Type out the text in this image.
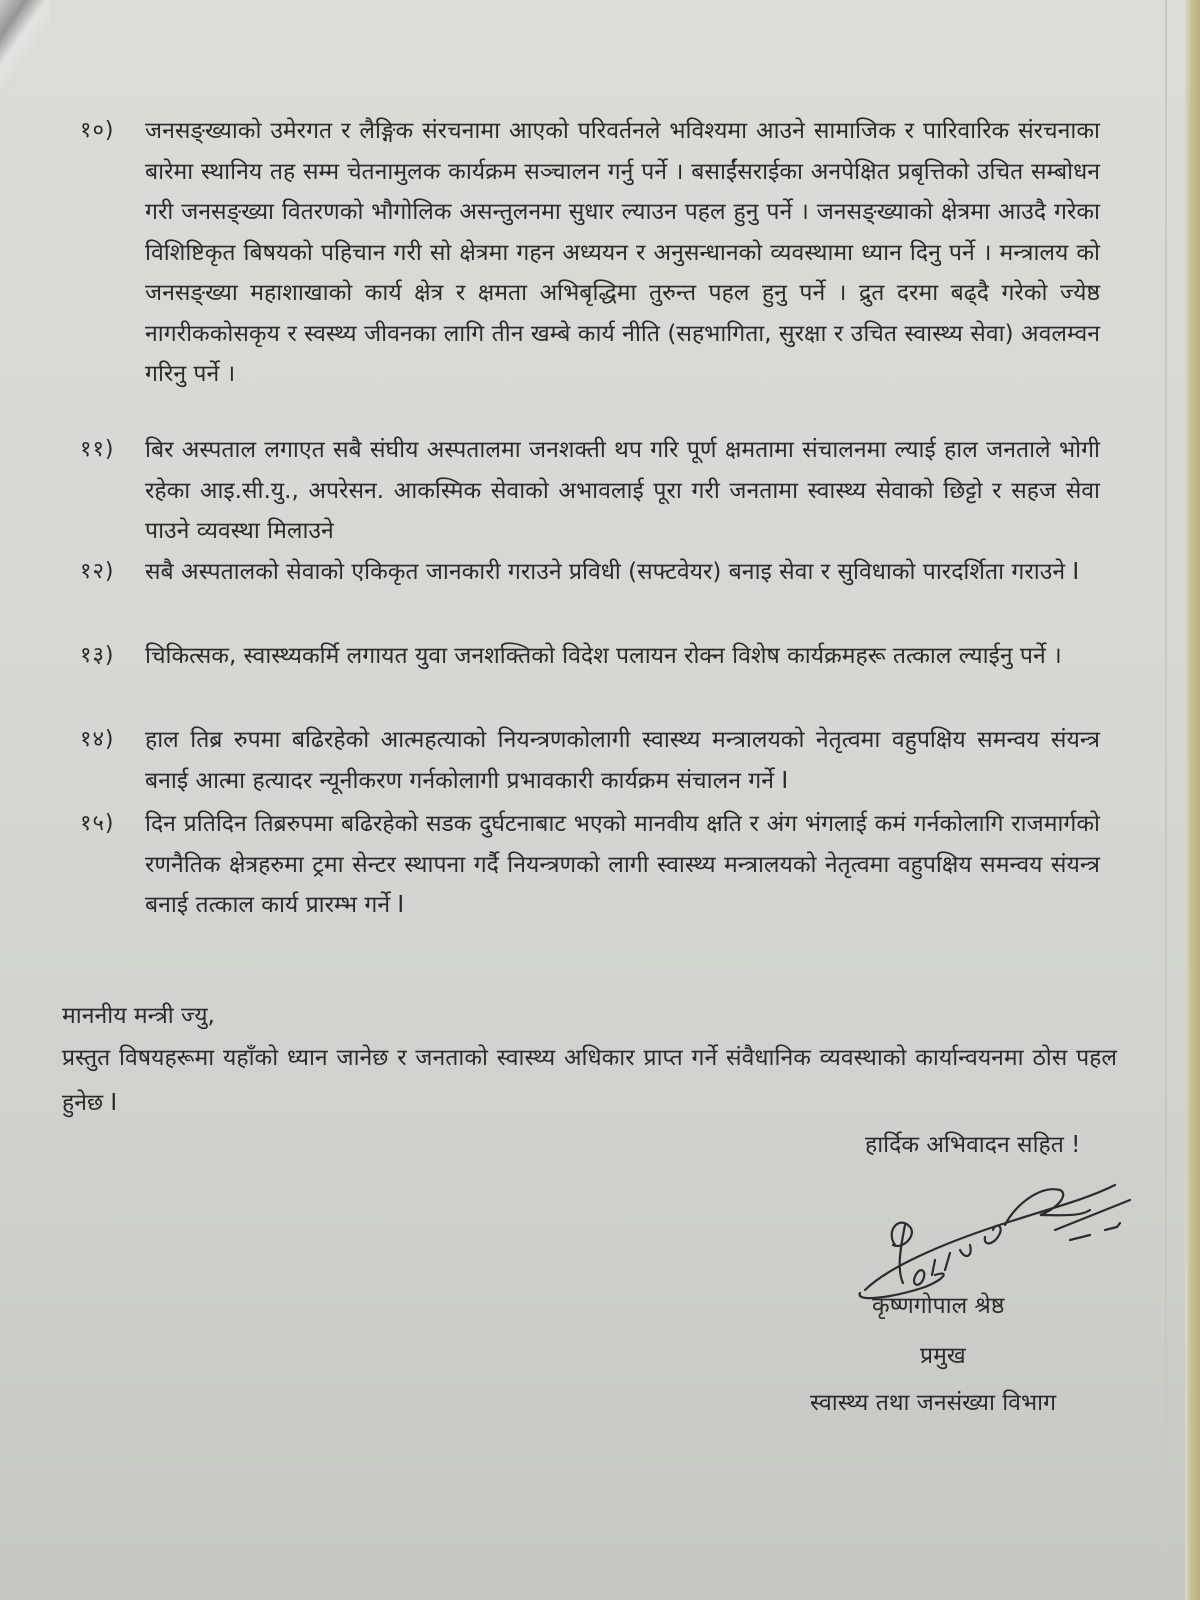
१०)	जनसङ्ख्याको उमेरगत र लैङ्गिक संरचनामा आएको परिवर्तनले भविश्यमा आउने सामाजिक र पारिवारिक संरचनाका बारेमा स्थानिय तह सम्म चेतनामुलक कार्यक्रम सञ्चालन गर्नु पर्ने । बसाईंसराईका अनपेक्षित प्रबृत्तिको उचित सम्बोधन गरी जनसङ्ख्या वितरणको भौगोलिक असन्तुलनमा सुधार ल्याउन पहल हुनु पर्ने । जनसङ्ख्याको क्षेत्रमा आउदै गरेका विशिष्टिकृत बिषयको पहिचान गरी सो क्षेत्रमा गहन अध्ययन र अनुसन्धानको व्यवस्थामा ध्यान दिनु पर्ने । मन्त्रालय को जनसङ्ख्या महाशाखाको कार्य क्षेत्र र क्षमता अभिबृद्धिमा तुरुन्त पहल हुनु पर्ने । द्रुत दरमा बढ्दै गरेको ज्येष्ठ नागरीककोसकृय र स्वस्थ्य जीवनका लागि तीन खम्बे कार्य नीति (सहभागिता, सुरक्षा र उचित स्वास्थ्य सेवा) अवलम्वन गरिनु पर्ने ।
११)	बिर अस्पताल लगाएत सबै संघीय अस्पतालमा जनशक्ती थप गरि पूर्ण क्षमतामा संचालनमा ल्याई हाल जनताले भोगी रहेका आइ.सी.यु., अपरेसन. आकस्मिक सेवाको अभावलाई पूरा गरी जनतामा स्वास्थ्य सेवाको छिट्टो र सहज सेवा पाउने व्यवस्था मिलाउने
१२)	सबै अस्पतालको सेवाको एकिकृत जानकारी गराउने प्रविधी (सफ्टवेयर) बनाइ सेवा र सुविधाको पारदर्शिता गराउने I
१३)	चिकित्सक, स्वास्थ्यकर्मि लगायत युवा जनशक्तिको विदेश पलायन रोक्न विशेष कार्यक्रमहरू तत्काल ल्याईनु पर्ने ।
१४)	हाल तिब्र रुपमा बढिरहेको आत्महत्याको नियन्त्रणकोलागी स्वास्थ्य मन्त्रालयको नेतृत्वमा वहुपक्षिय समन्वय संयन्त्र बनाई आत्मा हत्यादर न्यूनीकरण गर्नकोलागी प्रभावकारी कार्यक्रम संचालन गर्ने I
१५)	दिन प्रतिदिन तिब्ररुपमा बढिरहेको सडक दुर्घटनाबाट भएको मानवीय क्षति र अंग भंगलाई कमं गर्नकोलागि राजमार्गको रणनैतिक क्षेत्रहरुमा ट्रमा सेन्टर स्थापना गर्दै नियन्त्रणको लागी स्वास्थ्य मन्त्रालयको नेतृत्वमा वहुपक्षिय समन्वय संयन्त्र बनाई तत्काल कार्य प्रारम्भ गर्ने I
माननीय मन्त्री ज्यु,
प्रस्तुत विषयहरूमा यहाँको ध्यान जानेछ र जनताको स्वास्थ्य अधिकार प्राप्त गर्ने संवैधानिक व्यवस्थाको कार्यान्वयनमा ठोस पहल हुनेछ I
हार्दिक अभिवादन सहित !
कृष्णगोपाल श्रेष्ठ
प्रमुख
स्वास्थ्य तथा जनसंख्या विभाग
